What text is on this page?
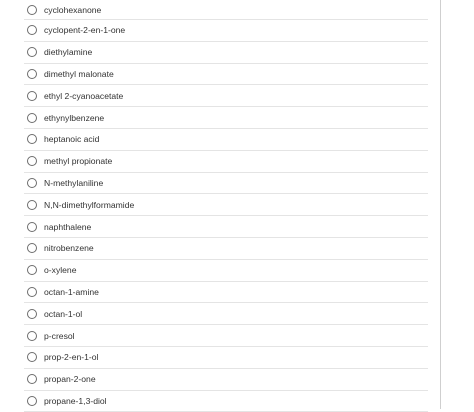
cyclohexanone
cyclopent-2-en-1-one
diethylamine
dimethyl malonate
ethyl 2-cyanoacetate
ethynylbenzene
heptanoic acid
methyl propionate
N-methylaniline
N,N-dimethylformamide
naphthalene
nitrobenzene
o-xylene
octan-1-amine
octan-1-ol
p-cresol
prop-2-en-1-ol
propan-2-one
propane-1,3-diol
